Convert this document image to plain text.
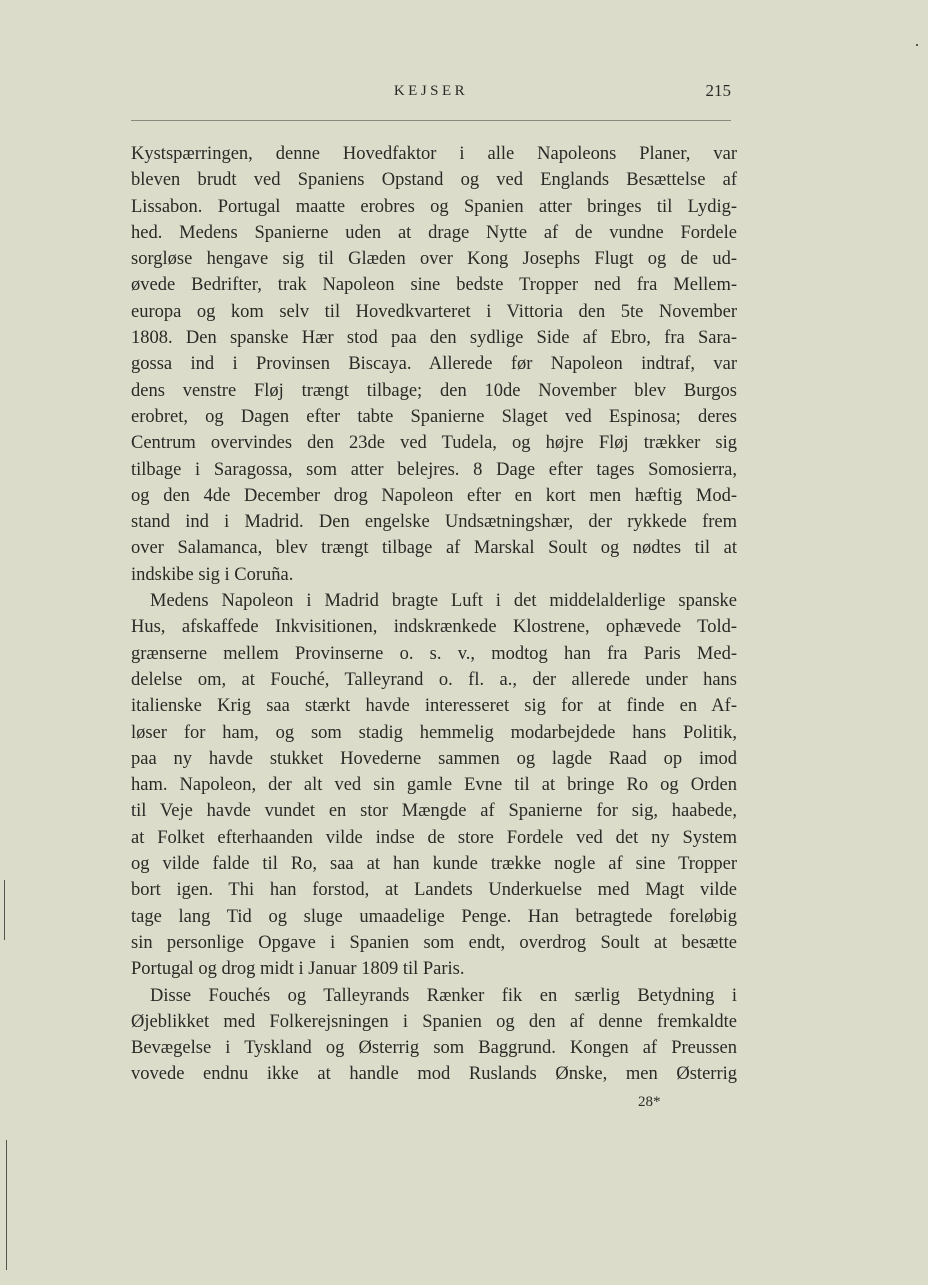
KEJSER	215
Kystspærringen, denne Hovedfaktor i alle Napoleons Planer, var
bleven brudt ved Spaniens Opstand og ved Englands Besættelse af
Lissabon. Portugal maatte erobres og Spanien atter bringes til Lydig-
hed. Medens Spanierne uden at drage Nytte af de vundne Fordele
sorgløse hengave sig til Glæden over Kong Josephs Flugt og de ud-
øvede Bedrifter, trak Napoleon sine bedste Tropper ned fra Mellem-
europa og kom selv til Hovedkvarteret i Vittoria den 5te November
1808. Den spanske Hær stod paa den sydlige Side af Ebro, fra Sara-
gossa ind i Provinsen Biscaya. Allerede før Napoleon indtraf, var
dens venstre Fløj trængt tilbage; den 10de November blev Burgos
erobret, og Dagen efter tabte Spanierne Slaget ved Espinosa; deres
Centrum overvindes den 23de ved Tudela, og højre Fløj trækker sig
tilbage i Saragossa, som atter belejres. 8 Dage efter tages Somosierra,
og den 4de December drog Napoleon efter en kort men hæftig Mod-
stand ind i Madrid. Den engelske Undsætningshær, der rykkede frem
over Salamanca, blev trængt tilbage af Marskal Soult og nødtes til at
indskibe sig i Coruña.
Medens Napoleon i Madrid bragte Luft i det middelalderlige spanske
Hus, afskaffede Inkvisitionen, indskrænkede Klostrene, ophævede Told-
grænserne mellem Provinserne o. s. v., modtog han fra Paris Med-
delelse om, at Fouché, Talleyrand o. fl. a., der allerede under hans
italienske Krig saa stærkt havde interesseret sig for at finde en Af-
løser for ham, og som stadig hemmelig modarbejdede hans Politik,
paa ny havde stukket Hovederne sammen og lagde Raad op imod
ham. Napoleon, der alt ved sin gamle Evne til at bringe Ro og Orden
til Veje havde vundet en stor Mængde af Spanierne for sig, haabede,
at Folket efterhaanden vilde indse de store Fordele ved det ny System
og vilde falde til Ro, saa at han kunde trække nogle af sine Tropper
bort igen. Thi han forstod, at Landets Underkuelse med Magt vilde
tage lang Tid og sluge umaadelige Penge. Han betragtede foreløbig
sin personlige Opgave i Spanien som endt, overdrog Soult at besætte
Portugal og drog midt i Januar 1809 til Paris.
Disse Fouchés og Talleyrands Rænker fik en særlig Betydning i
Øjeblikket med Folkerejsningen i Spanien og den af denne fremkaldte
Bevægelse i Tyskland og Østerrig som Baggrund. Kongen af Preussen
vovede endnu ikke at handle mod Ruslands Ønske, men Østerrig
28*
